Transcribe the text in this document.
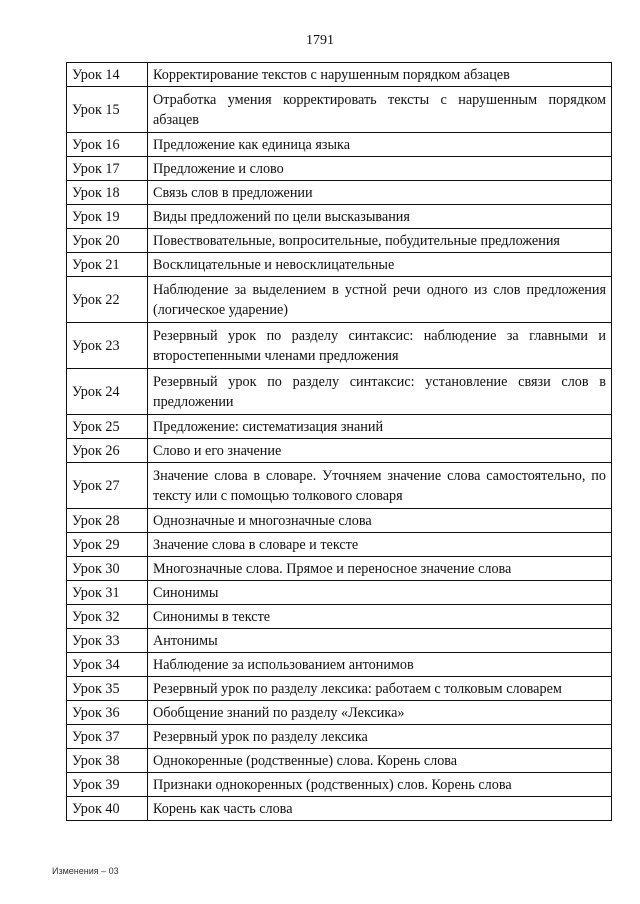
1791
Урок 14	Корректирование текстов с нарушенным порядком абзацев
Урок 15	Отработка умения корректировать тексты с нарушенным порядком абзацев
Урок 16	Предложение как единица языка
Урок 17	Предложение и слово
Урок 18	Связь слов в предложении
Урок 19	Виды предложений по цели высказывания
Урок 20	Повествовательные, вопросительные, побудительные предложения
Урок 21	Восклицательные и невосклицательные
Урок 22	Наблюдение за выделением в устной речи одного из слов предложения (логическое ударение)
Урок 23	Резервный урок по разделу синтаксис: наблюдение за главными и второстепенными членами предложения
Урок 24	Резервный урок по разделу синтаксис: установление связи слов в предложении
Урок 25	Предложение: систематизация знаний
Урок 26	Слово и его значение
Урок 27	Значение слова в словаре. Уточняем значение слова самостоятельно, по тексту или с помощью толкового словаря
Урок 28	Однозначные и многозначные слова
Урок 29	Значение слова в словаре и тексте
Урок 30	Многозначные слова. Прямое и переносное значение слова
Урок 31	Синонимы
Урок 32	Синонимы в тексте
Урок 33	Антонимы
Урок 34	Наблюдение за использованием антонимов
Урок 35	Резервный урок по разделу лексика: работаем с толковым словарем
Урок 36	Обобщение знаний по разделу «Лексика»
Урок 37	Резервный урок по разделу лексика
Урок 38	Однокоренные (родственные) слова. Корень слова
Урок 39	Признаки однокоренных (родственных) слов. Корень слова
Урок 40	Корень как часть слова
Изменения – 03
